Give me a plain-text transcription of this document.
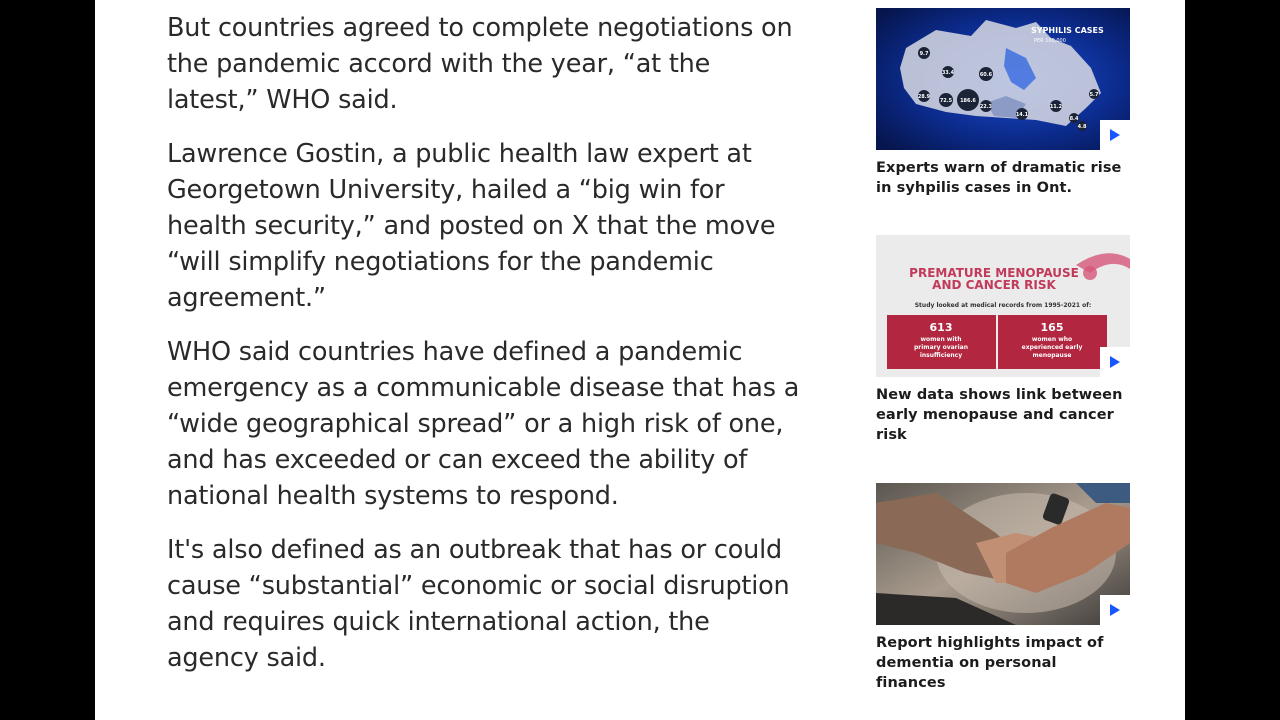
But countries agreed to complete negotiations on the pandemic accord with the year, “at the latest,” WHO said.

Lawrence Gostin, a public health law expert at Georgetown University, hailed a “big win for health security,” and posted on X that the move “will simplify negotiations for the pandemic agreement.”

WHO said countries have defined a pandemic emergency as a communicable disease that has a “wide geographical spread” or a high risk of one, and has exceeded or can exceed the ability of national health systems to respond.

It's also defined as an outbreak that has or could cause “substantial” economic or social disruption and requires quick international action, the agency said.

SYPHILIS CASES
PER 100,000
186.6
72.5
60.6
33.4
28.9
22.3
14.1
11.2
9.7
8.4
5.7
4.8
Experts warn of dramatic rise in syhpilis cases in Ont.
PREMATURE MENOPAUSE
AND CANCER RISK
Study looked at medical records from 1995-2021 of:
613
women with
primary ovarian
insufficiency
165
women who
experienced early
menopause
New data shows link between early menopause and cancer risk
Report highlights impact of dementia on personal finances
